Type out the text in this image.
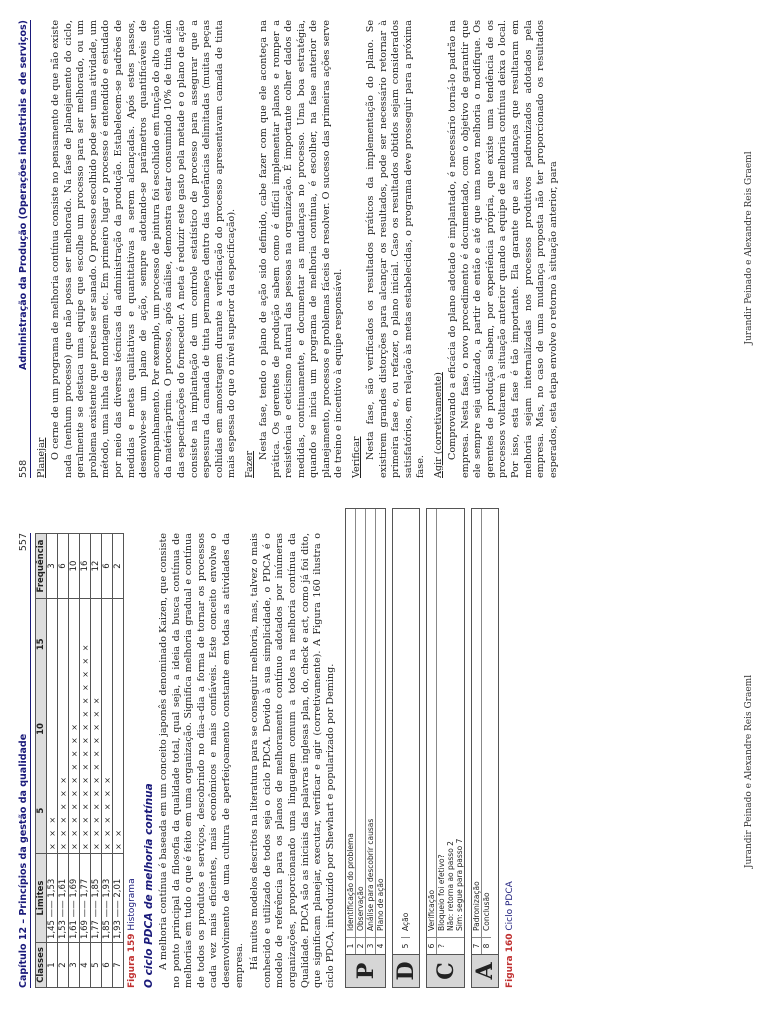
Capítulo 12 – Princípios da gestão da qualidade
557
Classes	Limites	5
10
15	Frequência
1	1,45 —— 1,53	× × ×	3
2	1,53 —— 1,61	× × × × × ×	6
3	1,61 —— 1,69	× × × × × × × × × ×	10
4	1,69 —— 1,77	× × × × × × × × × × × × × × × ×	16
5	1,77 —— 1,85	× × × × × × × × × × × ×	12
6	1,85 —— 1,93	× × × × × ×	6
7	1,93 —— 2,01	× ×	2
Figura 159 Histograma O ciclo PDCA de melhoria contínua A melhoria contínua é baseada em um conceito japonês denominado Kaizen, que consiste no ponto principal da filosofia da qualidade total, qual seja, a ideia da busca contínua de melhorias em tudo o que é feito em uma organização. Significa melhoria gradual e contínua de todos os produtos e serviços, descobrindo no dia-a-dia a forma de tornar os processos cada vez mais eficientes, mais econômicos e mais confiáveis. Este conceito envolve o desenvolvimento de uma cultura de aperfeiçoamento constante em todas as atividades da empresa. Há muitos modelos descritos na literatura para se conseguir melhoria, mas, talvez o mais conhecido e utilizado de todos seja o ciclo PDCA. Devido à sua simplicidade, o PDCA é o modelo de referência para os planos de melhoramento contínuo adotados por inúmeras organizações, proporcionando uma linguagem comum a todos na melhoria contínua da Qualidade. PDCA são as iniciais das palavras inglesas plan, do, check e act, como já foi dito, que significam planejar, executar, verificar e agir (corretivamente). A Figura 160 ilustra o ciclo PDCA, introduzido por Shewhart e popularizado por Deming. P
1
Identificação do problema
2
Observação
3
Análise para descobrir causas
4
Plano de ação
D
5
Ação
C
6
Verificação
?
Bloqueio foi efetivo?
Não: retorna ao passo 2
Sim: segue para passo 7
A
7
Padronização
8
Conclusão
Figura 160 Ciclo PDCA
Jurandir Peinado e Alexandre Reis Graeml
558
Administração da Produção (Operações industriais e de serviços)
Planejar O cerne de um programa de melhoria contínua consiste no pensamento de que não existe nada (nenhum processo) que não possa ser melhorado. Na fase de planejamento do ciclo, geralmente se destaca uma equipe que escolhe um processo para ser melhorado, ou um problema existente que precise ser sanado. O processo escolhido pode ser uma atividade, um método, uma linha de montagem etc. Em primeiro lugar o processo é entendido e estudado por meio das diversas técnicas da administração da produção. Estabelecem-se padrões de medidas e metas qualitativas e quantitativas a serem alcançadas. Após estes passos, desenvolve-se um plano de ação, sempre adotando-se parâmetros quantificáveis de acompanhamento. Por exemplo, um processo de pintura foi escolhido em função do alto custo da matéria-prima. O processo, após análise, demonstra estar consumindo 10% de tinta além das especificações do fornecedor. A meta é reduzir este gasto pela metade e o plano de ação consiste na implantação de um controle estatístico de processo para assegurar que a espessura da camada de tinta permaneça dentro das tolerâncias delimitadas (muitas peças colhidas em amostragem durante a verificação do processo apresentavam camada de tinta mais espessa do que o nível superior da especificação). Fazer

Nesta fase, tendo o plano de ação sido definido, cabe fazer com que ele aconteça na prática. Os gerentes de produção sabem como é difícil implementar planos e romper a resistência e ceticismo natural das pessoas na organização. É importante colher dados de medidas, continuamente, e documentar as mudanças no processo. Uma boa estratégia, quando se inicia um programa de melhoria contínua, é escolher, na fase anterior de planejamento, processos e problemas fáceis de resolver. O sucesso das primeiras ações serve de treino e incentivo à equipe responsável. Verificar Nesta fase, são verificados os resultados práticos da implementação do plano. Se existirem grandes distorções para alcançar os resultados, pode ser necessário retornar à primeira fase e, ou refazer, o plano inicial. Caso os resultados obtidos sejam considerados satisfatórios, em relação às metas estabelecidas, o programa deve prosseguir para a próxima fase. Agir (corretivamente) Comprovando a eficácia do plano adotado e implantado, é necessário torná-lo padrão na empresa. Nesta fase, o novo procedimento é documentado, com o objetivo de garantir que ele sempre seja utilizado, a partir de então e até que uma nova melhoria o modifique. Os gerentes de produção sabem, por experiência própria, que existe uma tendência de os processos voltarem à situação anterior quando a equipe de melhoria contínua deixa o local. Por isso, esta fase é tão importante. Ela garante que as mudanças que resultaram em melhoria sejam internalizadas nos processos produtivos padronizados adotados pela empresa. Mas, no caso de uma mudança proposta não ter proporcionado os resultados esperados, esta etapa envolve o retorno à situação anterior, para	Jurandir Peinado e Alexandre Reis Graeml
